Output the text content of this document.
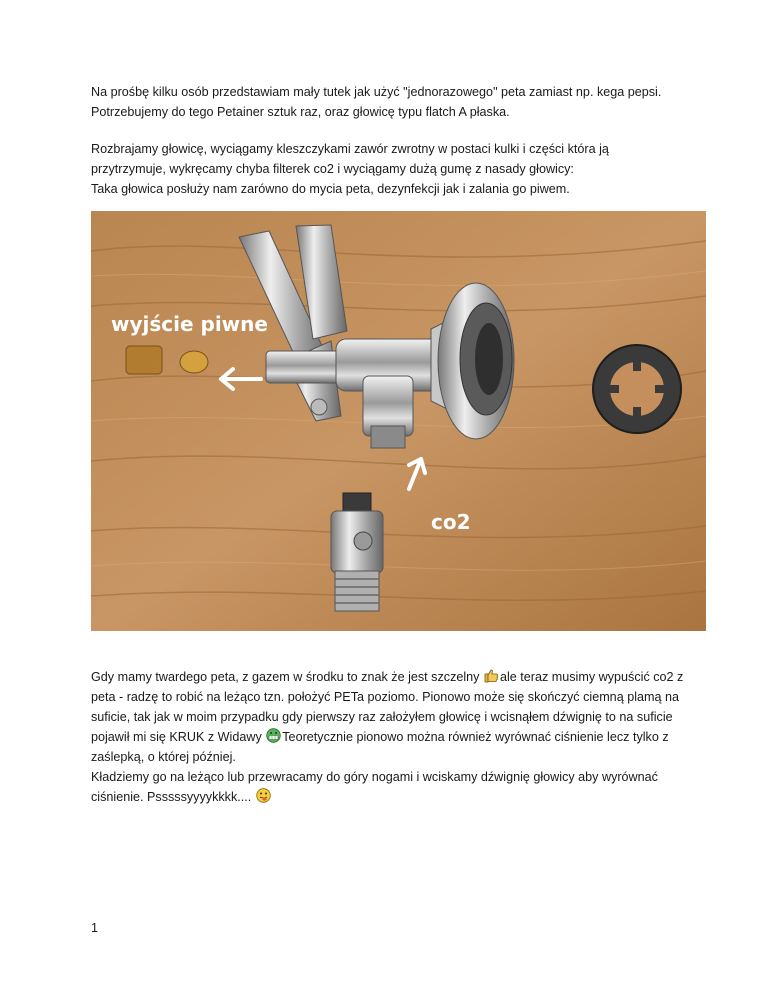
Na prośbę kilku osób przedstawiam mały tutek jak użyć "jednorazowego" peta zamiast np. kega pepsi.
Potrzebujemy do tego Petainer sztuk raz, oraz głowicę typu flatch A płaska.
Rozbrajamy głowicę, wyciągamy kleszczykami zawór zwrotny w postaci kulki i części która ją
przytrzymuje, wykręcamy chyba filterek co2 i wyciągamy dużą gumę z nasady głowicy:
Taka głowica posłuży nam zarówno do mycia peta, dezynfekcji jak i zalania go piwem.
wyjście piwne
co2
Gdy mamy twardego peta, z gazem w środku to znak że jest szczelny ale teraz musimy wypuścić co2 z
peta - radzę to robić na leżąco tzn. położyć PETa poziomo. Pionowo może się skończyć ciemną plamą na
suficie, tak jak w moim przypadku gdy pierwszy raz założyłem głowicę i wcisnąłem dźwignię to na suficie
pojawił mi się KRUK z Widawy Teoretycznie pionowo można również wyrównać ciśnienie lecz tylko z
zaślepką, o której później.
Kładziemy go na leżąco lub przewracamy do góry nogami i wciskamy dźwignię głowicy aby wyrównać
ciśnienie. Psssssyyyykkkk....
1
